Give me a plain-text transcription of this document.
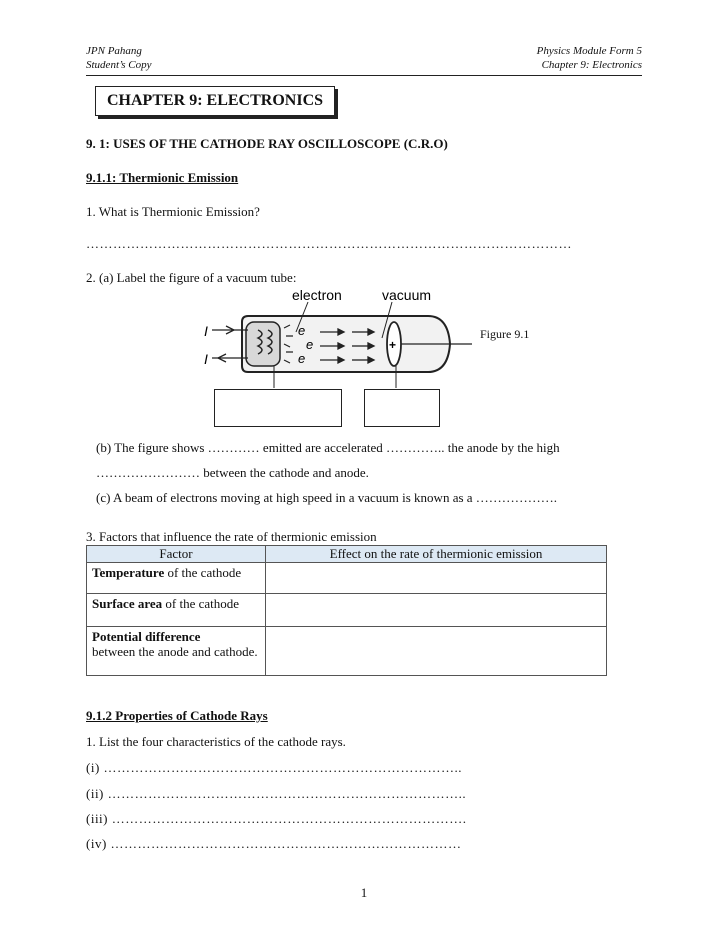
JPN Pahang
Student’s Copy
Physics Module Form 5
Chapter 9: Electronics
CHAPTER 9: ELECTRONICS
9. 1: USES OF THE CATHODE RAY OSCILLOSCOPE (C.R.O)
9.1.1: Thermionic Emission
1. What is Thermionic Emission?
………………………………………………………………………………………………
2. (a) Label the figure of a vacuum tube:
I
I
e
e
e
+
electron	vacuum
Figure 9.1
(b) The figure shows ………… emitted are accelerated ………….. the anode by the high
…………………… between the cathode and anode.
(c) A beam of electrons moving at high speed in a vacuum is known as a ……………….
3. Factors that influence the rate of thermionic emission
Factor	Effect on the rate of thermionic emission
Temperature of the cathode	
Surface area of the cathode	

Potential difference
between the anode and cathode.	
9.1.2 Properties of Cathode Rays
1. List the four characteristics of the cathode rays.
(i) ……………………………………………………………………..
(ii) ……………………………………………………………………..
(iii) …………………………………………………………………….
(iv) ……………………………………………………………………
1
